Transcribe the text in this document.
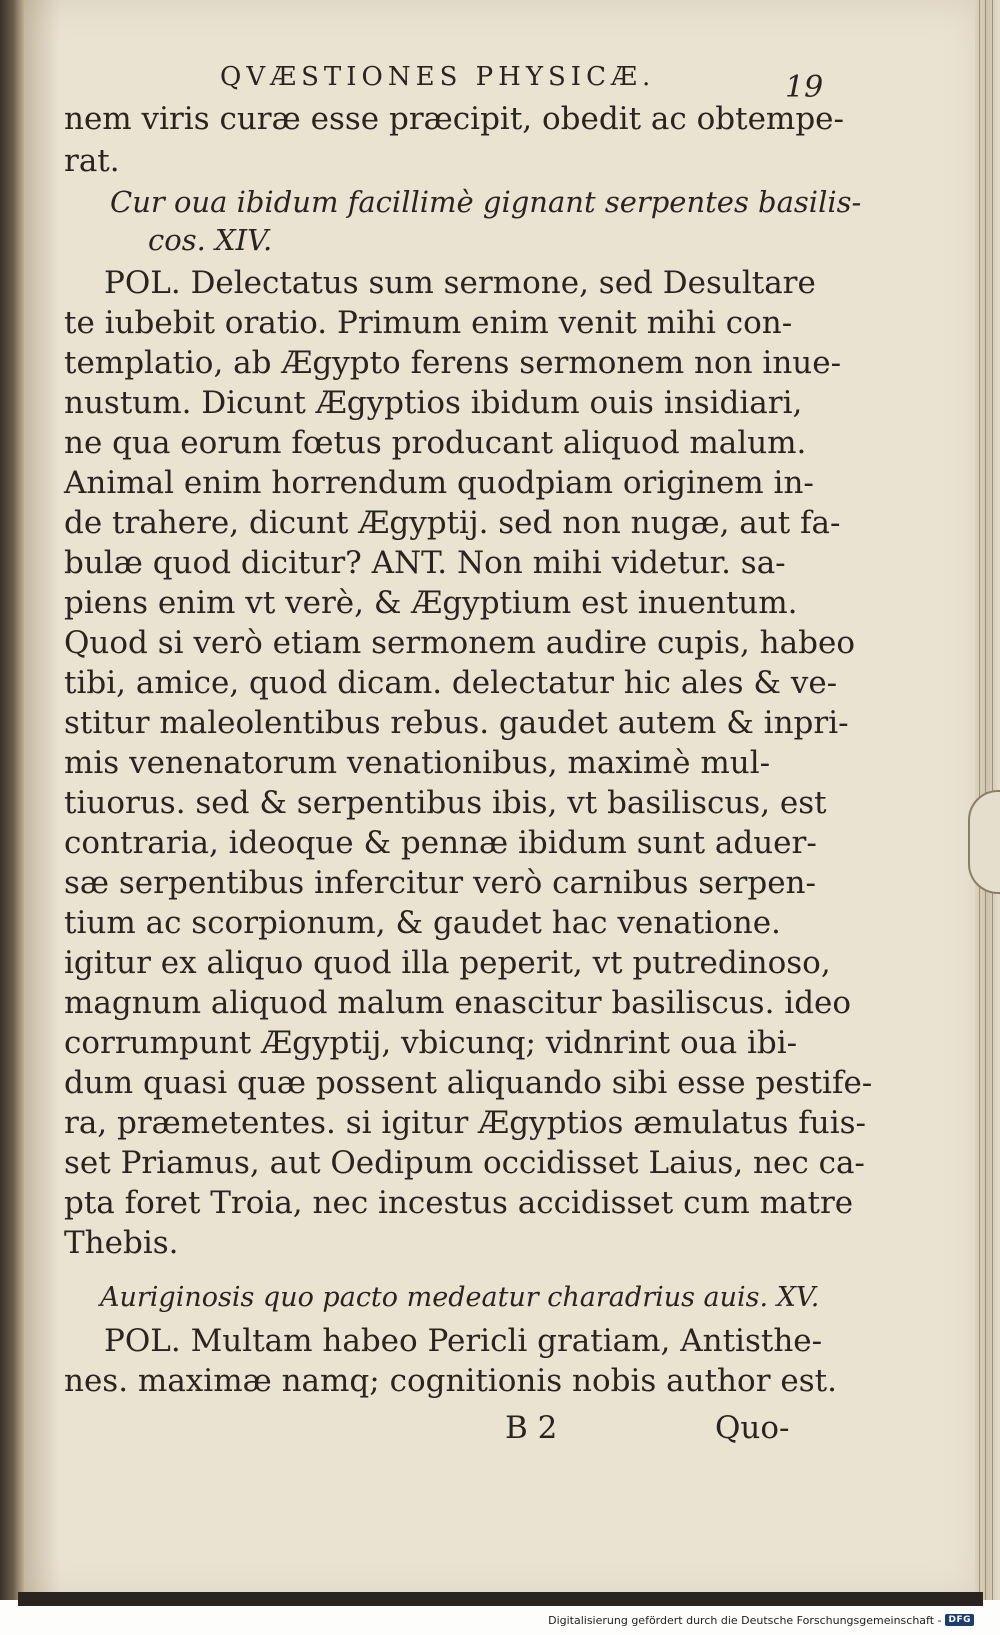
QVÆSTIONES PHYSICÆ.	19
nem viris curæ esse præcipit, obedit ac obtempe-
rat.
Cur oua ibidum facillimè gignant serpentes basilis-
cos. XIV.
POL. Delectatus sum sermone, sed Desultare
te iubebit oratio. Primum enim venit mihi con-
templatio, ab Ægypto ferens sermonem non inue-
nustum. Dicunt Ægyptios ibidum ouis insidiari,
ne qua eorum fœtus producant aliquod malum.
Animal enim horrendum quodpiam originem in-
de trahere, dicunt Ægyptij. sed non nugæ, aut fa-
bulæ quod dicitur? ANT. Non mihi videtur. sa-
piens enim vt verè, & Ægyptium est inuentum.
Quod si verò etiam sermonem audire cupis, habeo
tibi, amice, quod dicam. delectatur hic ales & ve-
stitur maleolentibus rebus. gaudet autem & inpri-
mis venenatorum venationibus, maximè mul-
tiuorus. sed & serpentibus ibis, vt basiliscus, est
contraria, ideoque & pennæ ibidum sunt aduer-
sæ serpentibus infercitur verò carnibus serpen-
tium ac scorpionum, & gaudet hac venatione.
igitur ex aliquo quod illa peperit, vt putredinoso,
magnum aliquod malum enascitur basiliscus. ideo
corrumpunt Ægyptij, vbicunq; vidnrint oua ibi-
dum quasi quæ possent aliquando sibi esse pestife-
ra, præmetentes. si igitur Ægyptios æmulatus fuis-
set Priamus, aut Oedipum occidisset Laius, nec ca-
pta foret Troia, nec incestus accidisset cum matre
Thebis.
Auriginosis quo pacto medeatur charadrius auis. XV.
POL. Multam habeo Pericli gratiam, Antisthe-
nes. maximæ namq; cognitionis nobis author est.
B 2	Quo-
Digitalisierung gefördert durch die Deutsche Forschungsgemeinschaft - DFG
